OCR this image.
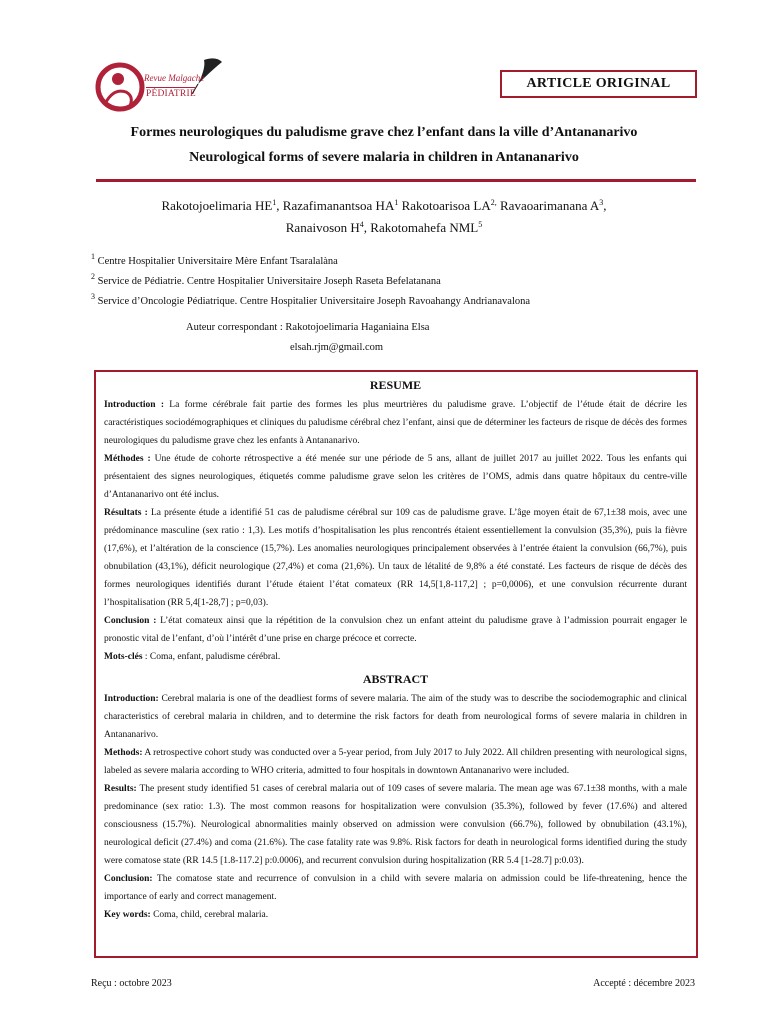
Revue Malgache
PÉDIATRIE
ARTICLE ORIGINAL
Formes neurologiques du paludisme grave chez l’enfant dans la ville d’Antananarivo
Neurological forms of severe malaria in children in Antananarivo
Rakotojoelimaria $HE^1$, Razafimanantsoa $HA^1$ Rakotoarisoa $LA^{2,}$ Ravaoarimanana $A^3$,
Ranaivoson $H^4$, Rakotomahefa NML$^5$
$^1$ Centre Hospitalier Universitaire Mère Enfant Tsaralalàna
$^2$ Service de Pédiatrie. Centre Hospitalier Universitaire Joseph Raseta Befelatanana
$^3$ Service d’Oncologie Pédiatrique. Centre Hospitalier Universitaire Joseph Ravoahangy Andrianavalona
Auteur correspondant : Rakotojoelimaria Haganiaina Elsa
elsah.rjm@gmail.com

RESUME

Introduction : La forme cérébrale fait partie des formes les plus meurtrières du paludisme grave. L’objectif de l’étude était de décrire les caractéristiques sociodémographiques et cliniques du paludisme cérébral chez l’enfant, ainsi que de déterminer les facteurs de risque de décès des formes neurologiques du paludisme grave chez les enfants à Antananarivo.

Méthodes : Une étude de cohorte rétrospective a été menée sur une période de 5 ans, allant de juillet 2017 au juillet 2022. Tous les enfants qui présentaient des signes neurologiques, étiquetés comme paludisme grave selon les critères de l’OMS, admis dans quatre hôpitaux du centre-ville d’Antananarivo ont été inclus.

Résultats : La présente étude a identifié 51 cas de paludisme cérébral sur 109 cas de paludisme grave. L’âge moyen était de 67,1±38 mois, avec une prédominance masculine (sex ratio : 1,3). Les motifs d’hospitalisation les plus rencontrés étaient essentiellement la convulsion (35,3%), puis la fièvre (17,6%), et l’altération de la conscience (15,7%). Les anomalies neurologiques principalement observées à l’entrée étaient la convulsion (66,7%), puis obnubilation (43,1%), déficit neurologique (27,4%) et coma (21,6%). Un taux de létalité de 9,8% a été constaté. Les facteurs de risque de décès des formes neurologiques identifiés durant l’étude étaient l’état comateux (RR 14,5[1,8-117,2] ; p=0,0006), et une convulsion récurrente durant l’hospitalisation (RR 5,4[1-28,7] ; p=0,03).

Conclusion : L’état comateux ainsi que la répétition de la convulsion chez un enfant atteint du paludisme grave à l’admission pourrait engager le pronostic vital de l’enfant, d’où l’intérêt d’une prise en charge précoce et correcte.

Mots-clés : Coma, enfant, paludisme cérébral.

ABSTRACT

Introduction: Cerebral malaria is one of the deadliest forms of severe malaria. The aim of the study was to describe the sociodemographic and clinical characteristics of cerebral malaria in children, and to determine the risk factors for death from neurological forms of severe malaria in children in Antananarivo.

Methods: A retrospective cohort study was conducted over a 5-year period, from July 2017 to July 2022. All children presenting with neurological signs, labeled as severe malaria according to WHO criteria, admitted to four hospitals in downtown Antananarivo were included.

Results: The present study identified 51 cases of cerebral malaria out of 109 cases of severe malaria. The mean age was 67.1±38 months, with a male predominance (sex ratio: 1.3). The most common reasons for hospitalization were convulsion (35.3%), followed by fever (17.6%) and altered consciousness (15.7%). Neurological abnormalities mainly observed on admission were convulsion (66.7%), followed by obnubilation (43.1%), neurological deficit (27.4%) and coma (21.6%). The case fatality rate was 9.8%. Risk factors for death in neurological forms identified during the study were comatose state (RR 14.5 [1.8-117.2] p:0.0006), and recurrent convulsion during hospitalization (RR 5.4 [1-28.7] p:0.03).

Conclusion: The comatose state and recurrence of convulsion in a child with severe malaria on admission could be life-threatening, hence the importance of early and correct management.

Key words: Coma, child, cerebral malaria.

Reçu : octobre 2023	Accepté : décembre 2023
